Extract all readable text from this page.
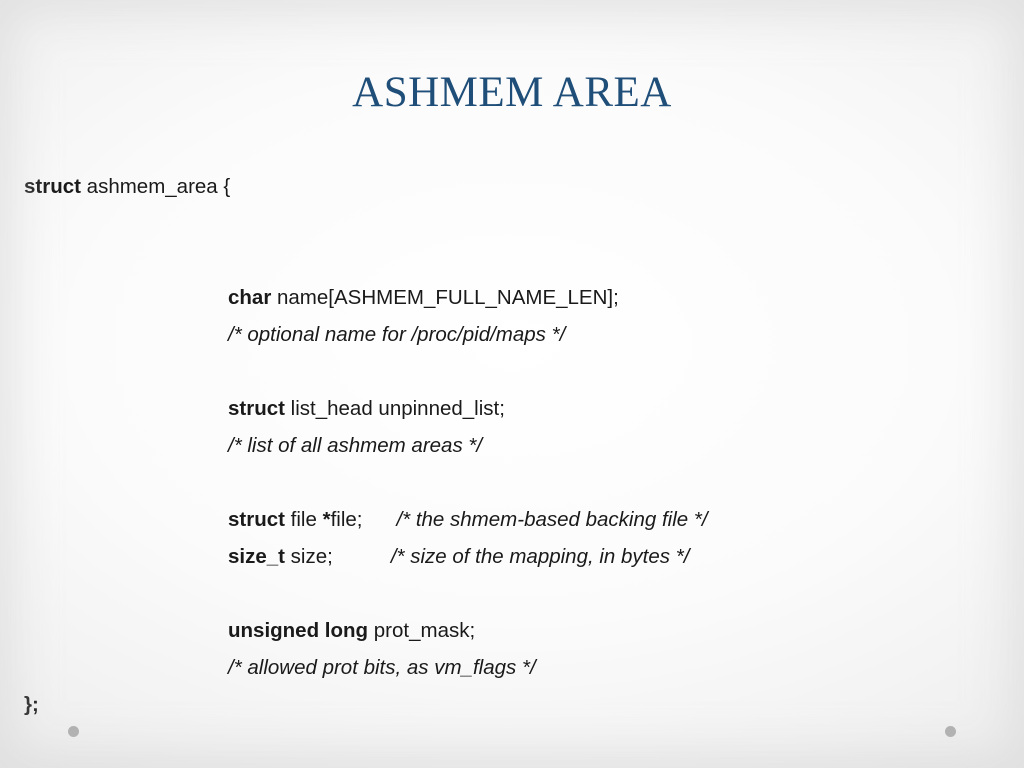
ASHMEM AREA
struct ashmem_area {
char name[ASHMEM_FULL_NAME_LEN];
/* optional name for /proc/pid/maps */
struct list_head unpinned_list;
/* list of all ashmem areas */
struct file *file; /* the shmem-based backing file */
size_t size;	/* size of the mapping, in bytes */
unsigned long prot_mask;
/* allowed prot bits, as vm_flags */
};
